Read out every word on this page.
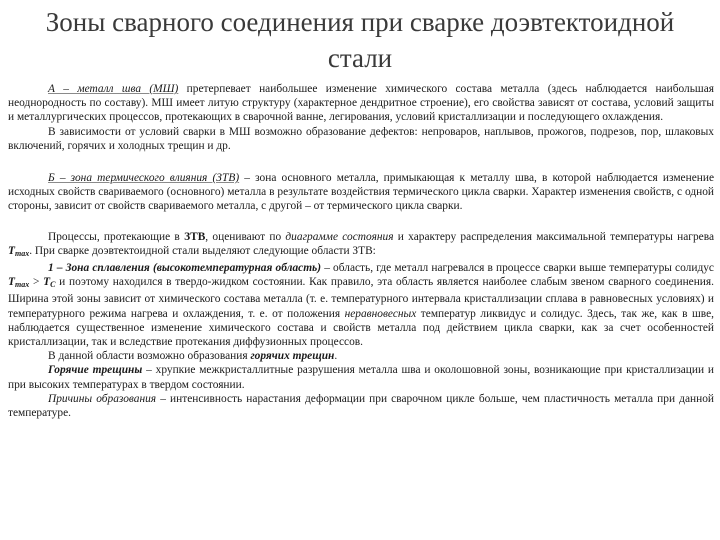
Зоны сварного соединения при сварке доэвтектоидной
стали

А – металл шва (МШ) претерпевает наибольшее изменение химического состава металла (здесь наблюдается наибольшая неоднородность по составу). МШ имеет литую структуру (характерное дендритное строение), его свойства зависят от состава, условий защиты и металлургических процессов, протекающих в сварочной ванне, легирования, условий кристаллизации и последующего охлаждения.

В зависимости от условий сварки в МШ возможно образование дефектов: непроваров, наплывов, прожогов, подрезов, пор, шлаковых включений, горячих и холодных трещин и др.

Б – зона термического влияния (ЗТВ) – зона основного металла, примыкающая к металлу шва, в которой наблюдается изменение исходных свойств свариваемого (основного) металла в результате воздействия термического цикла сварки. Характер изменения свойств, с одной стороны, зависит от свойств свариваемого металла, с другой – от термического цикла сварки.

Процессы, протекающие в ЗТВ, оценивают по диаграмме состояния и характеру распределения максимальной температуры нагрева Tmax. При сварке доэвтектоидной стали выделяют следующие области ЗТВ:

1 – Зона сплавления (высокотемпературная область) – область, где металл нагревался в процессе сварки выше температуры солидус Tmax > TC и поэтому находился в твердо-жидком состоянии. Как правило, эта область является наиболее слабым звеном сварного соединения. Ширина этой зоны зависит от химического состава металла (т. е. температурного интервала кристаллизации сплава в равновесных условиях) и температурного режима нагрева и охлаждения, т. е. от положения неравновесных температур ликвидус и солидус. Здесь, так же, как в шве, наблюдается существенное изменение химического состава и свойств металла под действием цикла сварки, как за счет особенностей кристаллизации, так и вследствие протекания диффузионных процессов.

В данной области возможно образования горячих трещин.

Горячие трещины – хрупкие межкристаллитные разрушения металла шва и околошовной зоны, возникающие при кристаллизации и при высоких температурах в твердом состоянии.

Причины образования – интенсивность нарастания деформации при сварочном цикле больше, чем пластичность металла при данной температуре.
